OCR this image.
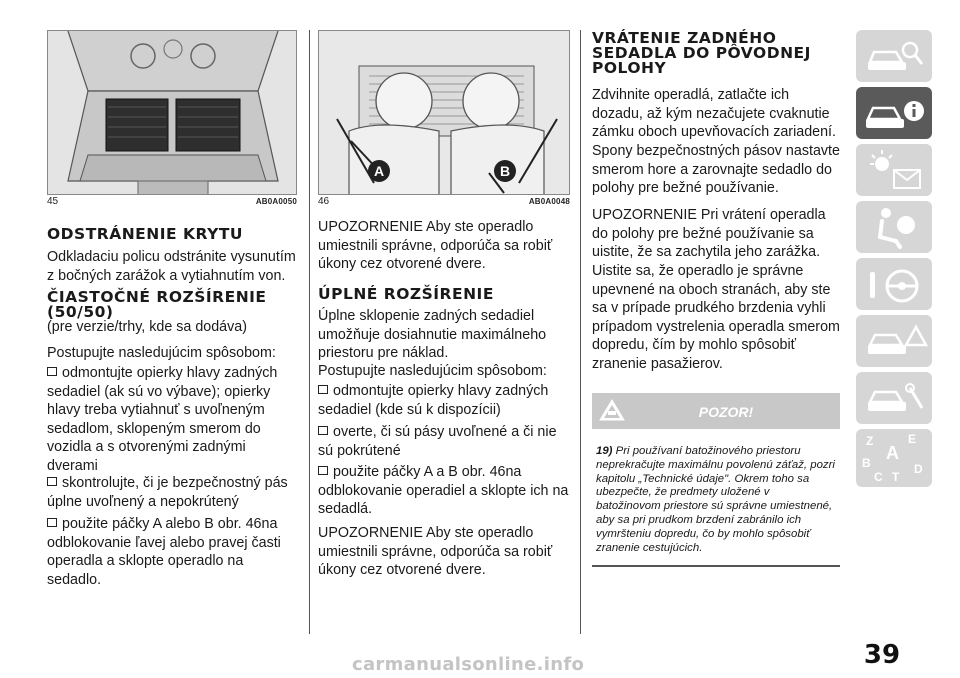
45	AB0A0050
ODSTRÁNENIE KRYTU

Odkladaciu policu odstránite vysunutím z bočných zarážok a vytiahnutím von.

ČIASTOČNÉ ROZŠÍRENIE
(50/50)

(pre verzie/trhy, kde sa dodáva)

Postupujte nasledujúcim spôsobom:

odmontujte opierky hlavy zadných sedadiel (ak sú vo výbave); opierky hlavy treba vytiahnuť s uvoľneným sedadlom, sklopeným smerom do vozidla a s otvorenými zadnými dverami
skontrolujte, či je bezpečnostný pás úplne uvoľnený a nepokrútený
použite páčky A alebo B obr. 46na odblokovanie ľavej alebo pravej časti operadla a sklopte operadlo na sedadlo.
A	B
46	AB0A0048

UPOZORNENIE Aby ste operadlo umiestnili správne, odporúča sa robiť úkony cez otvorené dvere.

ÚPLNÉ ROZŠÍRENIE

Úplne sklopenie zadných sedadiel umožňuje dosiahnutie maximálneho priestoru pre náklad.

Postupujte nasledujúcim spôsobom:

odmontujte opierky hlavy zadných sedadiel (kde sú k dispozícii)
overte, či sú pásy uvoľnené a či nie sú pokrútené
použite páčky A a B obr. 46na odblokovanie operadiel a sklopte ich na sedadlá.

UPOZORNENIE Aby ste operadlo umiestnili správne, odporúča sa robiť úkony cez otvorené dvere.

VRÁTENIE ZADNÉHO
SEDADLA DO PÔVODNEJ
POLOHY

Zdvihnite operadlá, zatlačte ich dozadu, až kým nezačujete cvaknutie zámku oboch upevňovacích zariadení.

Spony bezpečnostných pásov nastavte smerom hore a zarovnajte sedadlo do polohy pre bežné používanie.

UPOZORNENIE Pri vrátení operadla do polohy pre bežné používanie sa uistite, že sa zachytila jeho zarážka.

Uistite sa, že operadlo je správne upevnené na oboch stranách, aby ste sa v prípade prudkého brzdenia vyhli prípadom vystrelenia operadla smerom dopredu, čím by mohlo spôsobiť zranenie pasažierov.

POZOR!
19) Pri používaní batožinového priestoru neprekračujte maximálnu povolenú záťaž, pozri kapitolu „Technické údaje". Okrem toho sa ubezpečte, že predmety uložené v batožinovom priestore sú správne umiestnené, aby sa pri prudkom brzdení zabránilo ich vymršteniu dopredu, čo by mohlo spôsobiť zranenie cestujúcich.
Z	E
A
B
C T
D
39
carmanualsonline.info
